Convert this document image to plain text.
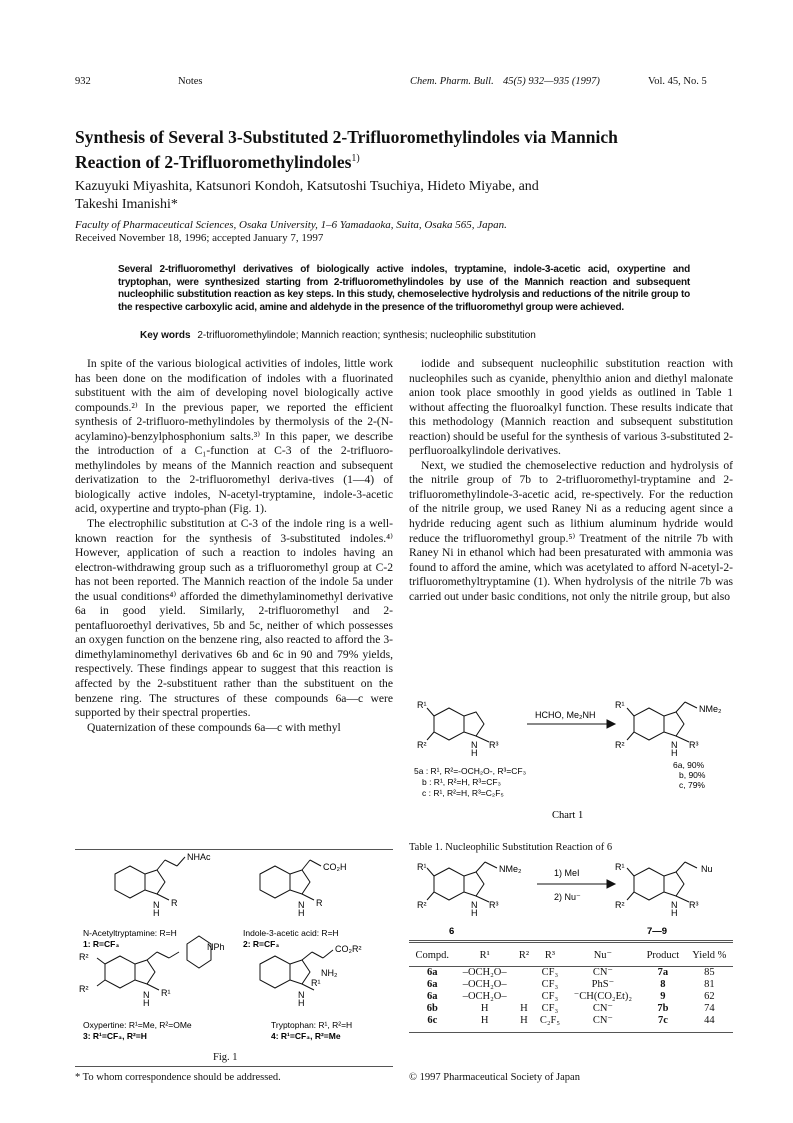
932	Notes	Chem. Pharm. Bull. 45(5) 932—935 (1997)	Vol. 45, No. 5
Synthesis of Several 3-Substituted 2-Trifluoromethylindoles via Mannich
Reaction of 2-Trifluoromethylindoles$^{1)}$
Kazuyuki Miyashita, Katsunori Kondoh, Katsutoshi Tsuchiya, Hideto Miyabe, and
Takeshi Imanishi*
Faculty of Pharmaceutical Sciences, Osaka University, 1–6 Yamadaoka, Suita, Osaka 565, Japan.
Received November 18, 1996; accepted January 7, 1997
Several 2-trifluoromethyl derivatives of biologically active indoles, tryptamine, indole-3-acetic acid, oxypertine and tryptophan, were synthesized starting from 2-trifluoromethylindoles by use of the Mannich reaction and subsequent nucleophilic substitution reaction as key steps. In this study, chemoselective hydrolysis and reductions of the nitrile group to the respective carboxylic acid, amine and aldehyde in the presence of the trifluoromethyl group were achieved.
Key words 2-trifluoromethylindole; Mannich reaction; synthesis; nucleophilic substitution

In spite of the various biological activities of indoles, little work has been done on the modification of indoles with a fluorinated substituent with the aim of developing novel biologically active compounds.²⁾ In the previous paper, we reported the efficient synthesis of 2-trifluoro-methylindoles by thermolysis of the 2-(N-acylamino)-benzylphosphonium salts.³⁾ In this paper, we describe the introduction of a C₁-function at C-3 of the 2-trifluoro-methylindoles by means of the Mannich reaction and subsequent derivatization to the 2-trifluoromethyl deriva-tives (1—4) of biologically active indoles, N-acetyl-tryptamine, indole-3-acetic acid, oxypertine and trypto-phan (Fig. 1).

The electrophilic substitution at C-3 of the indole ring is a well-known reaction for the synthesis of 3-substituted indoles.⁴⁾ However, application of such a reaction to indoles having an electron-withdrawing group such as a trifluoromethyl group at C-2 has not been reported. The Mannich reaction of the indole 5a under the usual conditions⁴⁾ afforded the dimethylaminomethyl derivative 6a in good yield. Similarly, 2-trifluoromethyl and 2-pentafluoroethyl derivatives, 5b and 5c, neither of which possesses an oxygen function on the benzene ring, also reacted to afford the 3-dimethylaminomethyl derivatives 6b and 6c in 90 and 79% yields, respectively. These findings appear to suggest that this reaction is affected by the 2-substituent rather than the substituent on the benzene ring. The structures of these compounds 6a—c were supported by their spectral properties.

Quaternization of these compounds 6a—c with methyl

iodide and subsequent nucleophilic substitution reaction with nucleophiles such as cyanide, phenylthio anion and diethyl malonate anion took place smoothly in good yields as outlined in Table 1 without affecting the fluoroalkyl function. These results indicate that this methodology (Mannich reaction and subsequent substitution reaction) should be useful for the synthesis of various 3-substituted 2-perfluoroalkylindole derivatives.

Next, we studied the chemoselective reduction and hydrolysis of the nitrile group of 7b to 2-trifluoromethyl-tryptamine and 2-trifluoromethylindole-3-acetic acid, re-spectively. For the reduction of the nitrile group, we used Raney Ni as a reducing agent since a hydride reducing agent such as lithium aluminum hydride would reduce the trifluoromethyl group.⁵⁾ Treatment of the nitrile 7b with Raney Ni in ethanol which had been presaturated with ammonia was found to afford the amine, which was acetylated to afford N-acetyl-2-trifluoromethyltryptamine (1). When hydrolysis of the nitrile 7b was carried out under basic conditions, not only the nitrile group, but also

R¹
R²	N
H
R³
HCHO, Me₂NH
R¹
R²	N
H
R³
NMe₂
5a : R¹, R²=-OCH₂O-, R³=CF₃
b : R¹, R²=H, R³=CF₃
c : R¹, R²=H, R³=C₂F₅
6a, 90%
b, 90%
c, 79%
Chart 1
Table 1. Nucleophilic Substitution Reaction of 6
R¹
R²	N
H
R³
NMe₂	1) MeI
2) Nu⁻
R¹
R²	N
H
R³
Nu
6	7—9
Compd.	R¹	R²	R³	Nu⁻	Product	Yield %
6a	–OCH₂O–		CF₃	CN⁻	7a	85
6a	–OCH₂O–		CF₃	PhS⁻	8	81
6a	–OCH₂O–		CF₃	⁻CH(CO₂Et)₂	9	62
6b	H	H	CF₃	CN⁻	7b	74
6c	H	H	C₂F₅	CN⁻	7c	44
NHAc
N
H
R
CO₂H
N
H
R
N-Acetyltryptamine: R=H
1: R=CF₃
Indole-3-acetic acid: R=H
2: R=CF₃
NPh
R²
R²
N
H
R¹
CO₂R²
NH₂
N
H
R¹
Oxypertine: R¹=Me, R²=OMe
3: R¹=CF₃, R²=H
Tryptophan: R¹, R²=H
4: R¹=CF₃, R²=Me
Fig. 1
* To whom correspondence should be addressed.	© 1997 Pharmaceutical Society of Japan
